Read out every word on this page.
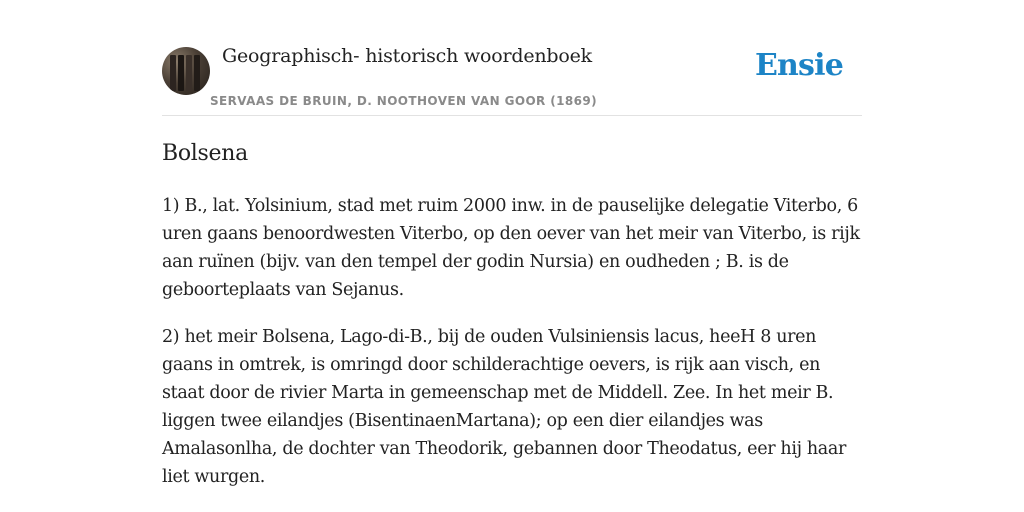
Geographisch- historisch woordenboek
SERVAAS DE BRUIN, D. NOOTHOVEN VAN GOOR (1869)
Ensie
Bolsena

1) B., lat. Yolsinium, stad met ruim 2000 inw. in de pauselijke delegatie Viterbo, 6 uren gaans benoordwesten Viterbo, op den oever van het meir van Viterbo, is rijk aan ruïnen (bijv. van den tempel der godin Nursia) en oudheden ; B. is de geboorteplaats van Sejanus.

2) het meir Bolsena, Lago-di-B., bij de ouden Vulsiniensis lacus, heeH 8 uren gaans in omtrek, is omringd door schilderachtige oevers, is rijk aan visch, en staat door de rivier Marta in gemeenschap met de Middell. Zee. In het meir B. liggen twee eilandjes (BisentinaenMartana); op een dier eilandjes was Amalasonlha, de dochter van Theodorik, gebannen door Theodatus, eer hij haar liet wurgen.
